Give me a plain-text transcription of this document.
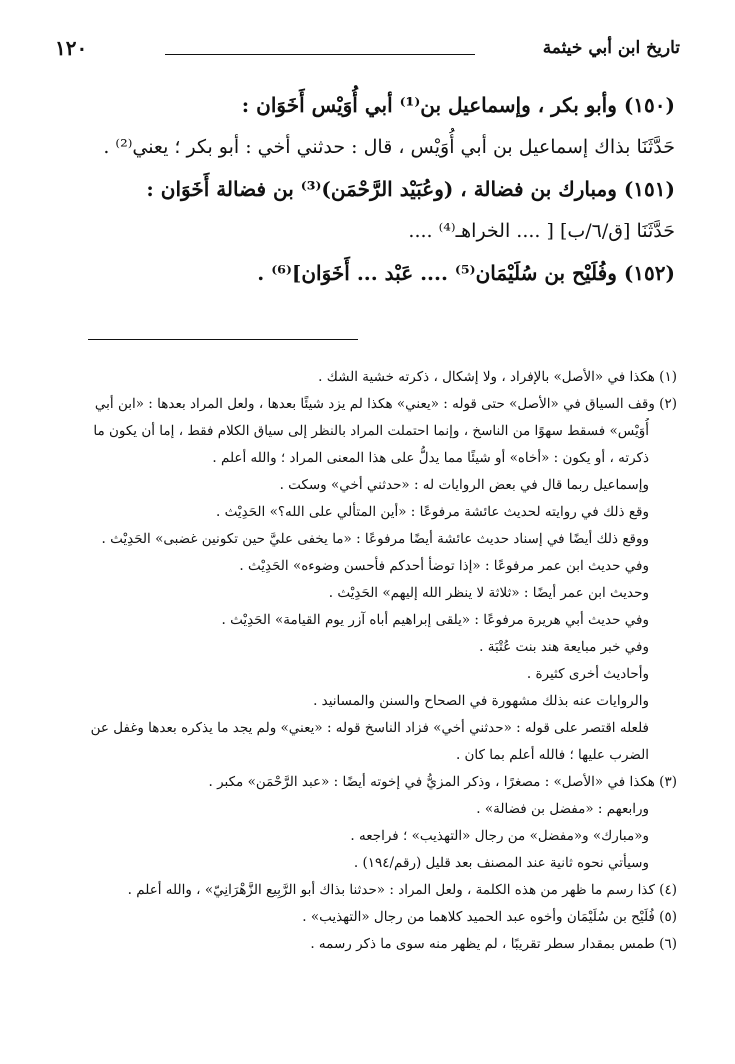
١٢٠	تاريخ ابن أبي خيثمة
(١٥٠) وأبو بكر ، وإسماعيل بن⁽¹⁾ أبي أُوَيْس أَخَوَان :
حَدَّثَنَا بذاك إسماعيل بن أبي أُوَيْس ، قال : حدثني أخي : أبو بكر ؛ يعني⁽²⁾ .
(١٥١) ومبارك بن فضالة ، (وعُبَيْد الرَّحْمَن)⁽³⁾ بن فضالة أَخَوَان :
حَدَّثَنَا [ق/٦/ب] [ .... الخراهـ⁽⁴⁾ ....
(١٥٢) وفُلَيْح بن سُلَيْمَان⁽⁵⁾ .... عَبْد ... أَخَوَان]⁽⁶⁾ .
(١) هكذا في «الأصل» بالإفراد ، ولا إشكال ، ذكرته خشية الشك .
(٢) وقف السياق في «الأصل» حتى قوله : «يعني» هكذا لم يزد شيئًا بعدها ، ولعل المراد بعدها : «ابن أبي
أُوَيْس» فسقط سهوًا من الناسخ ، وإنما احتملت المراد بالنظر إلى سياق الكلام فقط ، إما أن يكون ما
ذكرته ، أو يكون : «أخاه» أو شيئًا مما يدلُّ على هذا المعنى المراد ؛ والله أعلم .
وإسماعيل ربما قال في بعض الروايات له : «حدثني أخي» وسكت .
وقع ذلك في روايته لحديث عائشة مرفوعًا : «أين المتألي على الله؟» الحَدِيْث .
ووقع ذلك أيضًا في إسناد حديث عائشة أيضًا مرفوعًا : «ما يخفى عليَّ حين تكونين غضبى» الحَدِيْث .
وفي حديث ابن عمر مرفوعًا : «إذا توضأ أحدكم فأحسن وضوءه» الحَدِيْث .
وحديث ابن عمر أيضًا : «ثلاثة لا ينظر الله إليهم» الحَدِيْث .
وفي حديث أبي هريرة مرفوعًا : «يلقى إبراهيم أباه آزر يوم القيامة» الحَدِيْث .
وفي خبر مبايعة هند بنت عُتْبَة .
وأحاديث أخرى كثيرة .
والروايات عنه بذلك مشهورة في الصحاح والسنن والمسانيد .
فلعله اقتصر على قوله : «حدثني أخي» فزاد الناسخ قوله : «يعني» ولم يجد ما يذكره بعدها وغفل عن
الضرب عليها ؛ فالله أعلم بما كان .
(٣) هكذا في «الأصل» : مصغرًا ، وذكر المزيُّ في إخوته أيضًا : «عبد الرَّحْمَن» مكبر .
ورابعهم : «مفضل بن فضالة» .
و«مبارك» و«مفضل» من رجال «التهذيب» ؛ فراجعه .
وسيأتي نحوه ثانية عند المصنف بعد قليل (رقم/١٩٤) .
(٤) كذا رسم ما ظهر من هذه الكلمة ، ولعل المراد : «حدثنا بذاك أبو الرَّبِيع الزَّهْرَانِيّ» ، والله أعلم .
(٥) فُلَيْح بن سُلَيْمَان وأخوه عبد الحميد كلاهما من رجال «التهذيب» .
(٦) طمس بمقدار سطر تقريبًا ، لم يظهر منه سوى ما ذكر رسمه .
